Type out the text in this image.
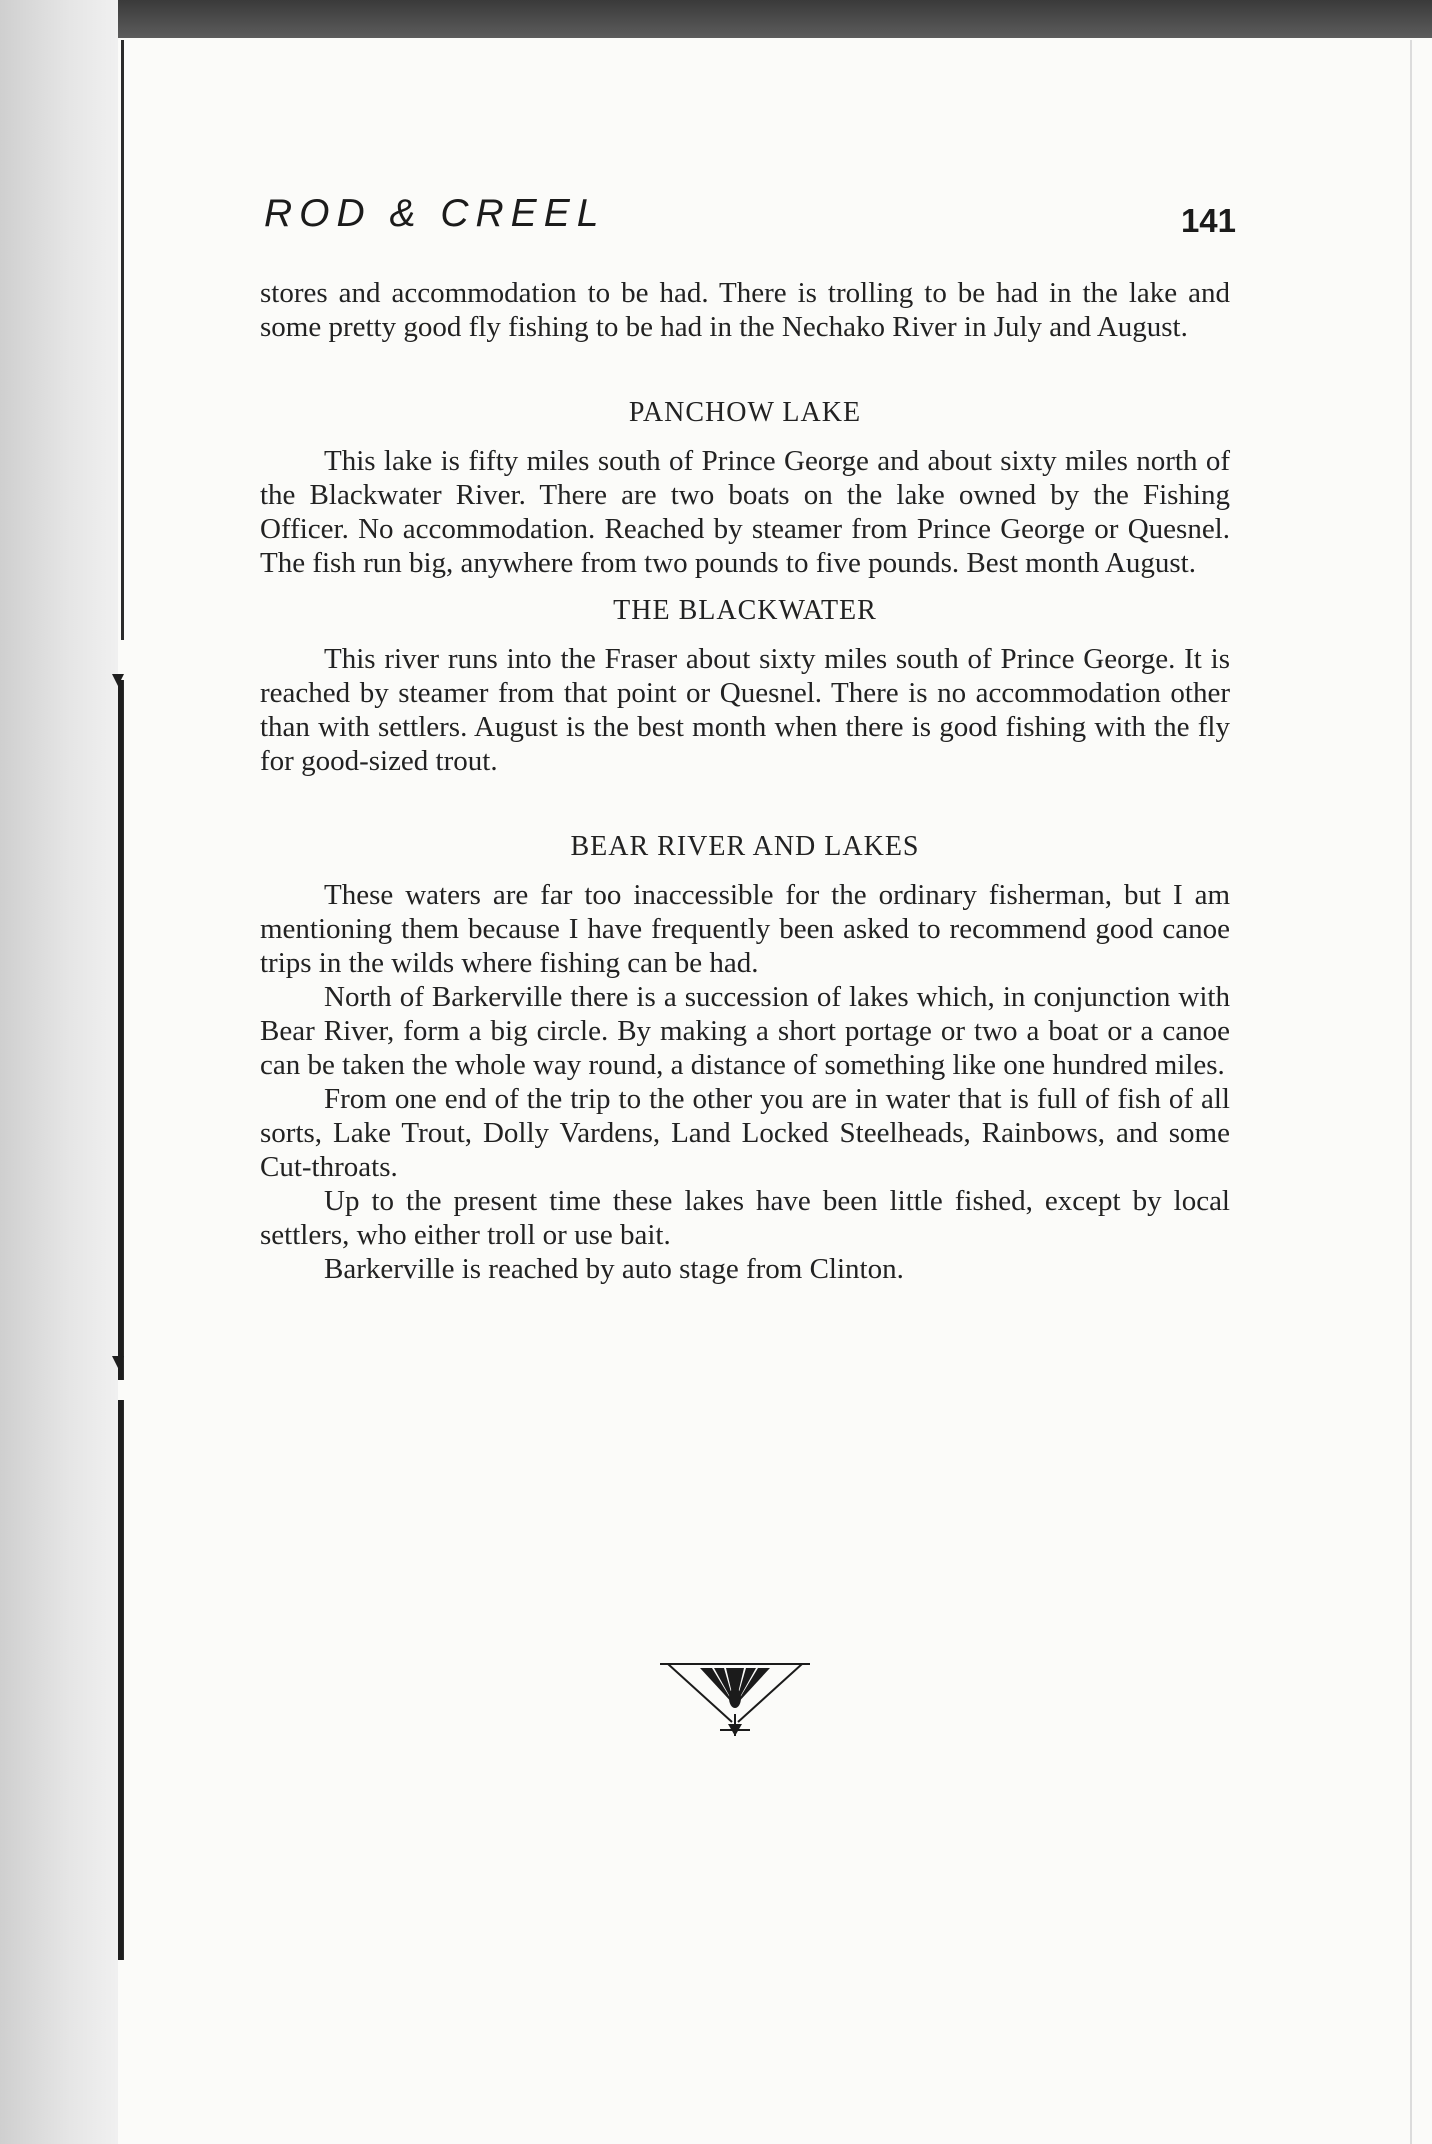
ROD & CREEL	141

stores and accommodation to be had. There is trolling to be had in the lake and some pretty good fly fishing to be had in the Nechako River in July and August.

PANCHOW LAKE

This lake is fifty miles south of Prince George and about sixty miles north of the Blackwater River. There are two boats on the lake owned by the Fishing Officer. No accommodation. Reached by steamer from Prince George or Quesnel. The fish run big, anywhere from two pounds to five pounds. Best month August.

THE BLACKWATER

This river runs into the Fraser about sixty miles south of Prince George. It is reached by steamer from that point or Quesnel. There is no accommodation other than with settlers. August is the best month when there is good fishing with the fly for good-sized trout.

BEAR RIVER AND LAKES

These waters are far too inaccessible for the ordinary fisherman, but I am mentioning them because I have frequently been asked to recommend good canoe trips in the wilds where fishing can be had.

North of Barkerville there is a succession of lakes which, in conjunction with Bear River, form a big circle. By making a short portage or two a boat or a canoe can be taken the whole way round, a distance of something like one hundred miles.

From one end of the trip to the other you are in water that is full of fish of all sorts, Lake Trout, Dolly Vardens, Land Locked Steelheads, Rainbows, and some Cut-throats.

Up to the present time these lakes have been little fished, except by local settlers, who either troll or use bait.

Barkerville is reached by auto stage from Clinton.
